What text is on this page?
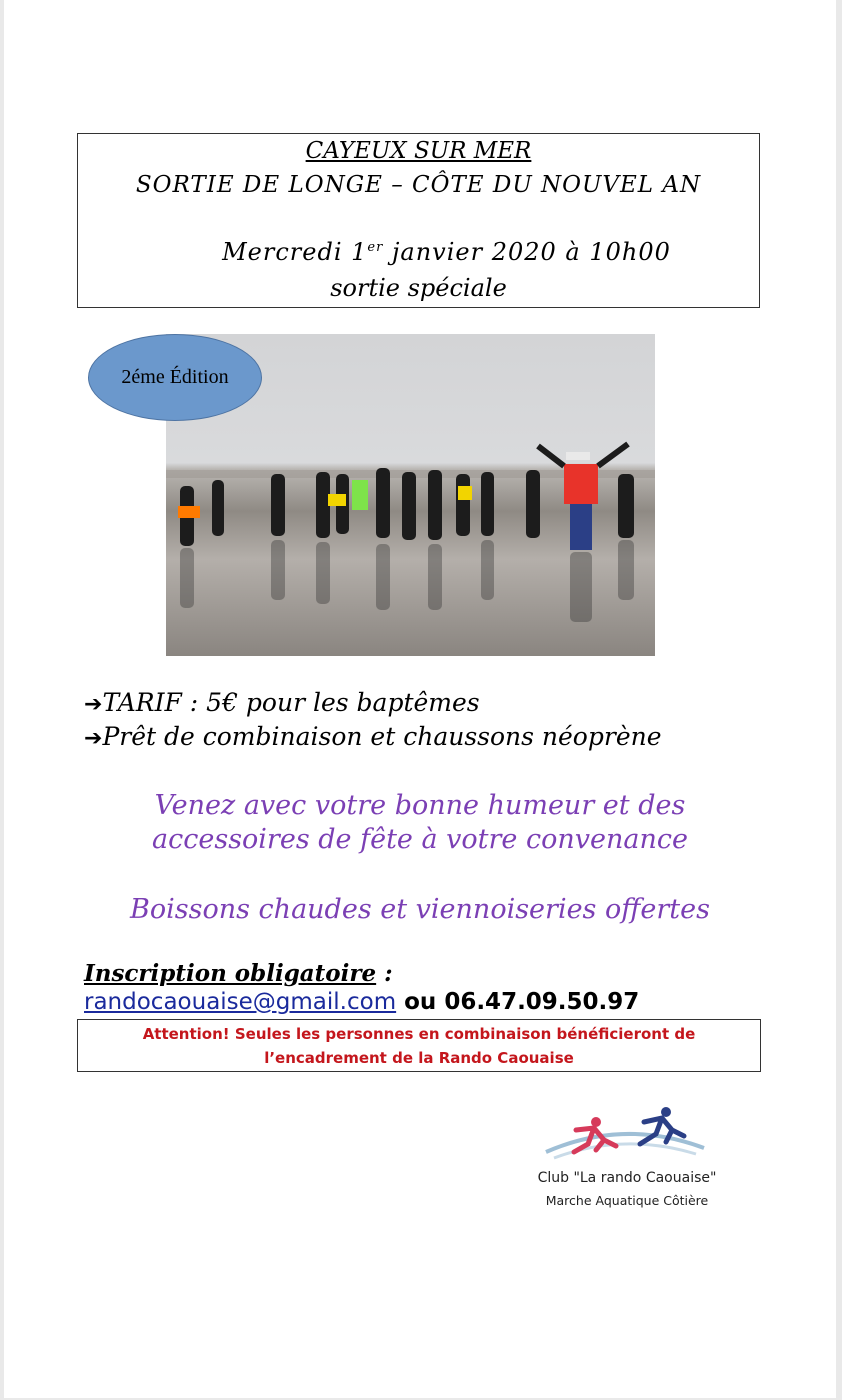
CAYEUX SUR MER
SORTIE DE LONGE – CÔTE DU NOUVEL AN
Mercredi 1er janvier 2020 à 10h00
sortie spéciale
2éme Édition
➔TARIF : 5€ pour les baptêmes
➔Prêt de combinaison et chaussons néoprène
Venez avec votre bonne humeur et des
accessoires de fête à votre convenance
Boissons chaudes et viennoiseries offertes
Inscription obligatoire :
randocaouaise@gmail.com ou 06.47.09.50.97
Attention! Seules les personnes en combinaison bénéficieront de
l’encadrement de la Rando Caouaise
Club "La rando Caouaise"
Marche Aquatique Côtière
